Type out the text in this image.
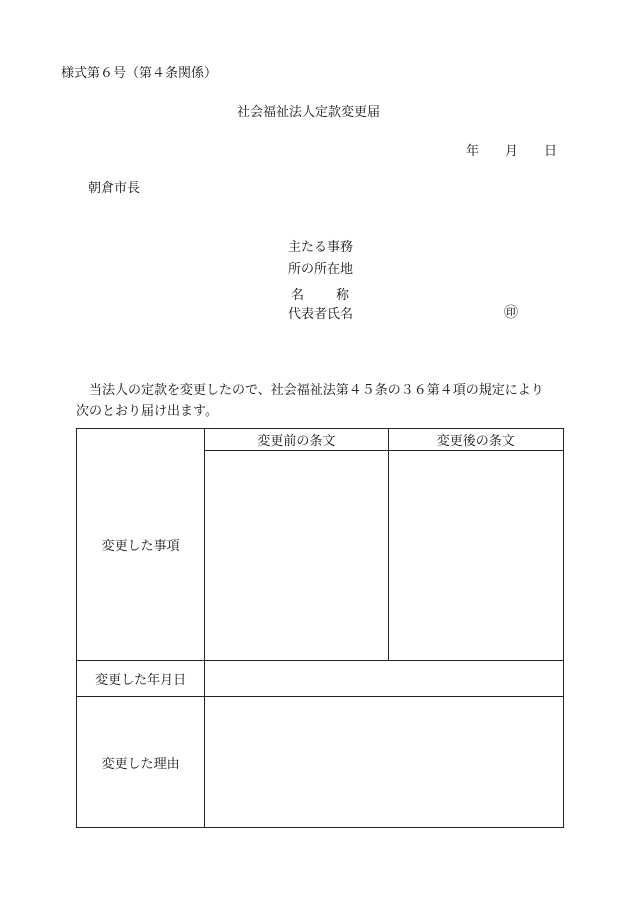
様式第６号（第４条関係）
社会福祉法人定款変更届
年 月 日
朝倉市長
主たる事務
所の所在地
名 称
代表者氏名	㊞
当法人の定款を変更したので、社会福祉法第４５条の３６第４項の規定により
次のとおり届け出ます。
変更した事項	変更前の条文	変更後の条文

変更した年月日		
変更した理由		
